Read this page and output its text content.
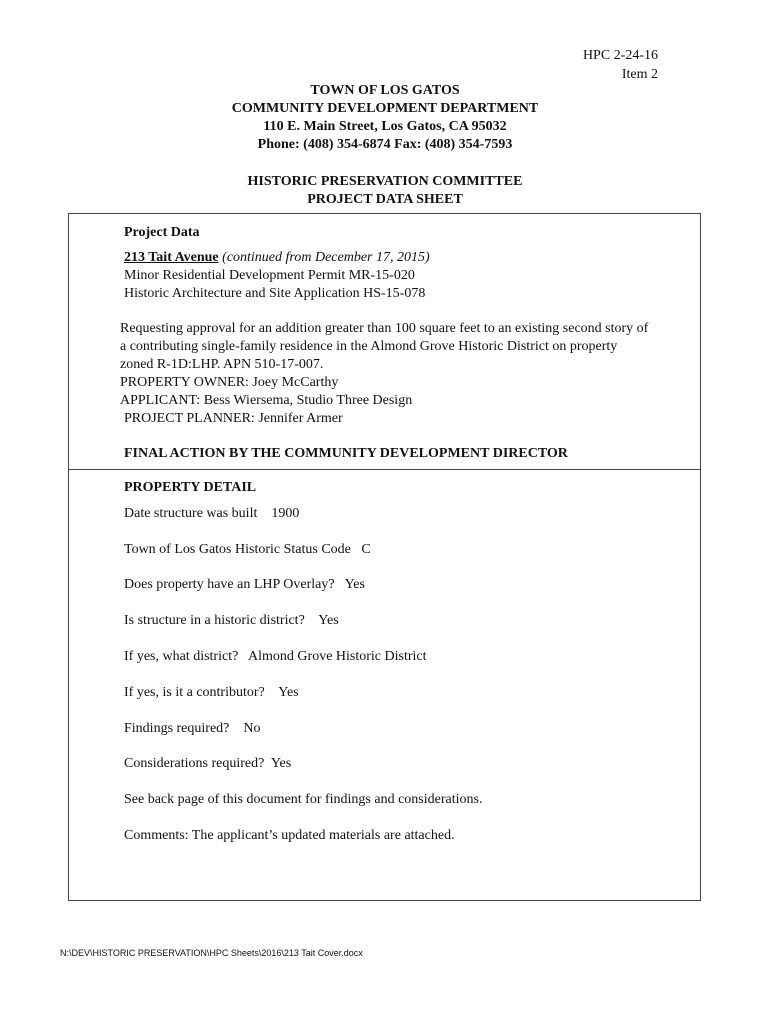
HPC 2-24-16
Item 2
TOWN OF LOS GATOS
COMMUNITY DEVELOPMENT DEPARTMENT
110 E. Main Street, Los Gatos, CA 95032
Phone: (408) 354-6874 Fax: (408) 354-7593
HISTORIC PRESERVATION COMMITTEE
PROJECT DATA SHEET
Project Data
213 Tait Avenue (continued from December 17, 2015)
Minor Residential Development Permit MR-15-020
Historic Architecture and Site Application HS-15-078
Requesting approval for an addition greater than 100 square feet to an existing second story of
a contributing single-family residence in the Almond Grove Historic District on property
zoned R-1D:LHP. APN 510-17-007.
PROPERTY OWNER: Joey McCarthy
APPLICANT: Bess Wiersema, Studio Three Design
PROJECT PLANNER: Jennifer Armer
FINAL ACTION BY THE COMMUNITY DEVELOPMENT DIRECTOR
PROPERTY DETAIL
Date structure was built 1900
Town of Los Gatos Historic Status Code C
Does property have an LHP Overlay? Yes
Is structure in a historic district? Yes
If yes, what district? Almond Grove Historic District
If yes, is it a contributor? Yes
Findings required? No
Considerations required? Yes
See back page of this document for findings and considerations.
Comments: The applicant’s updated materials are attached.
N:\DEV\HISTORIC PRESERVATION\HPC Sheets\2016\213 Tait Cover.docx
